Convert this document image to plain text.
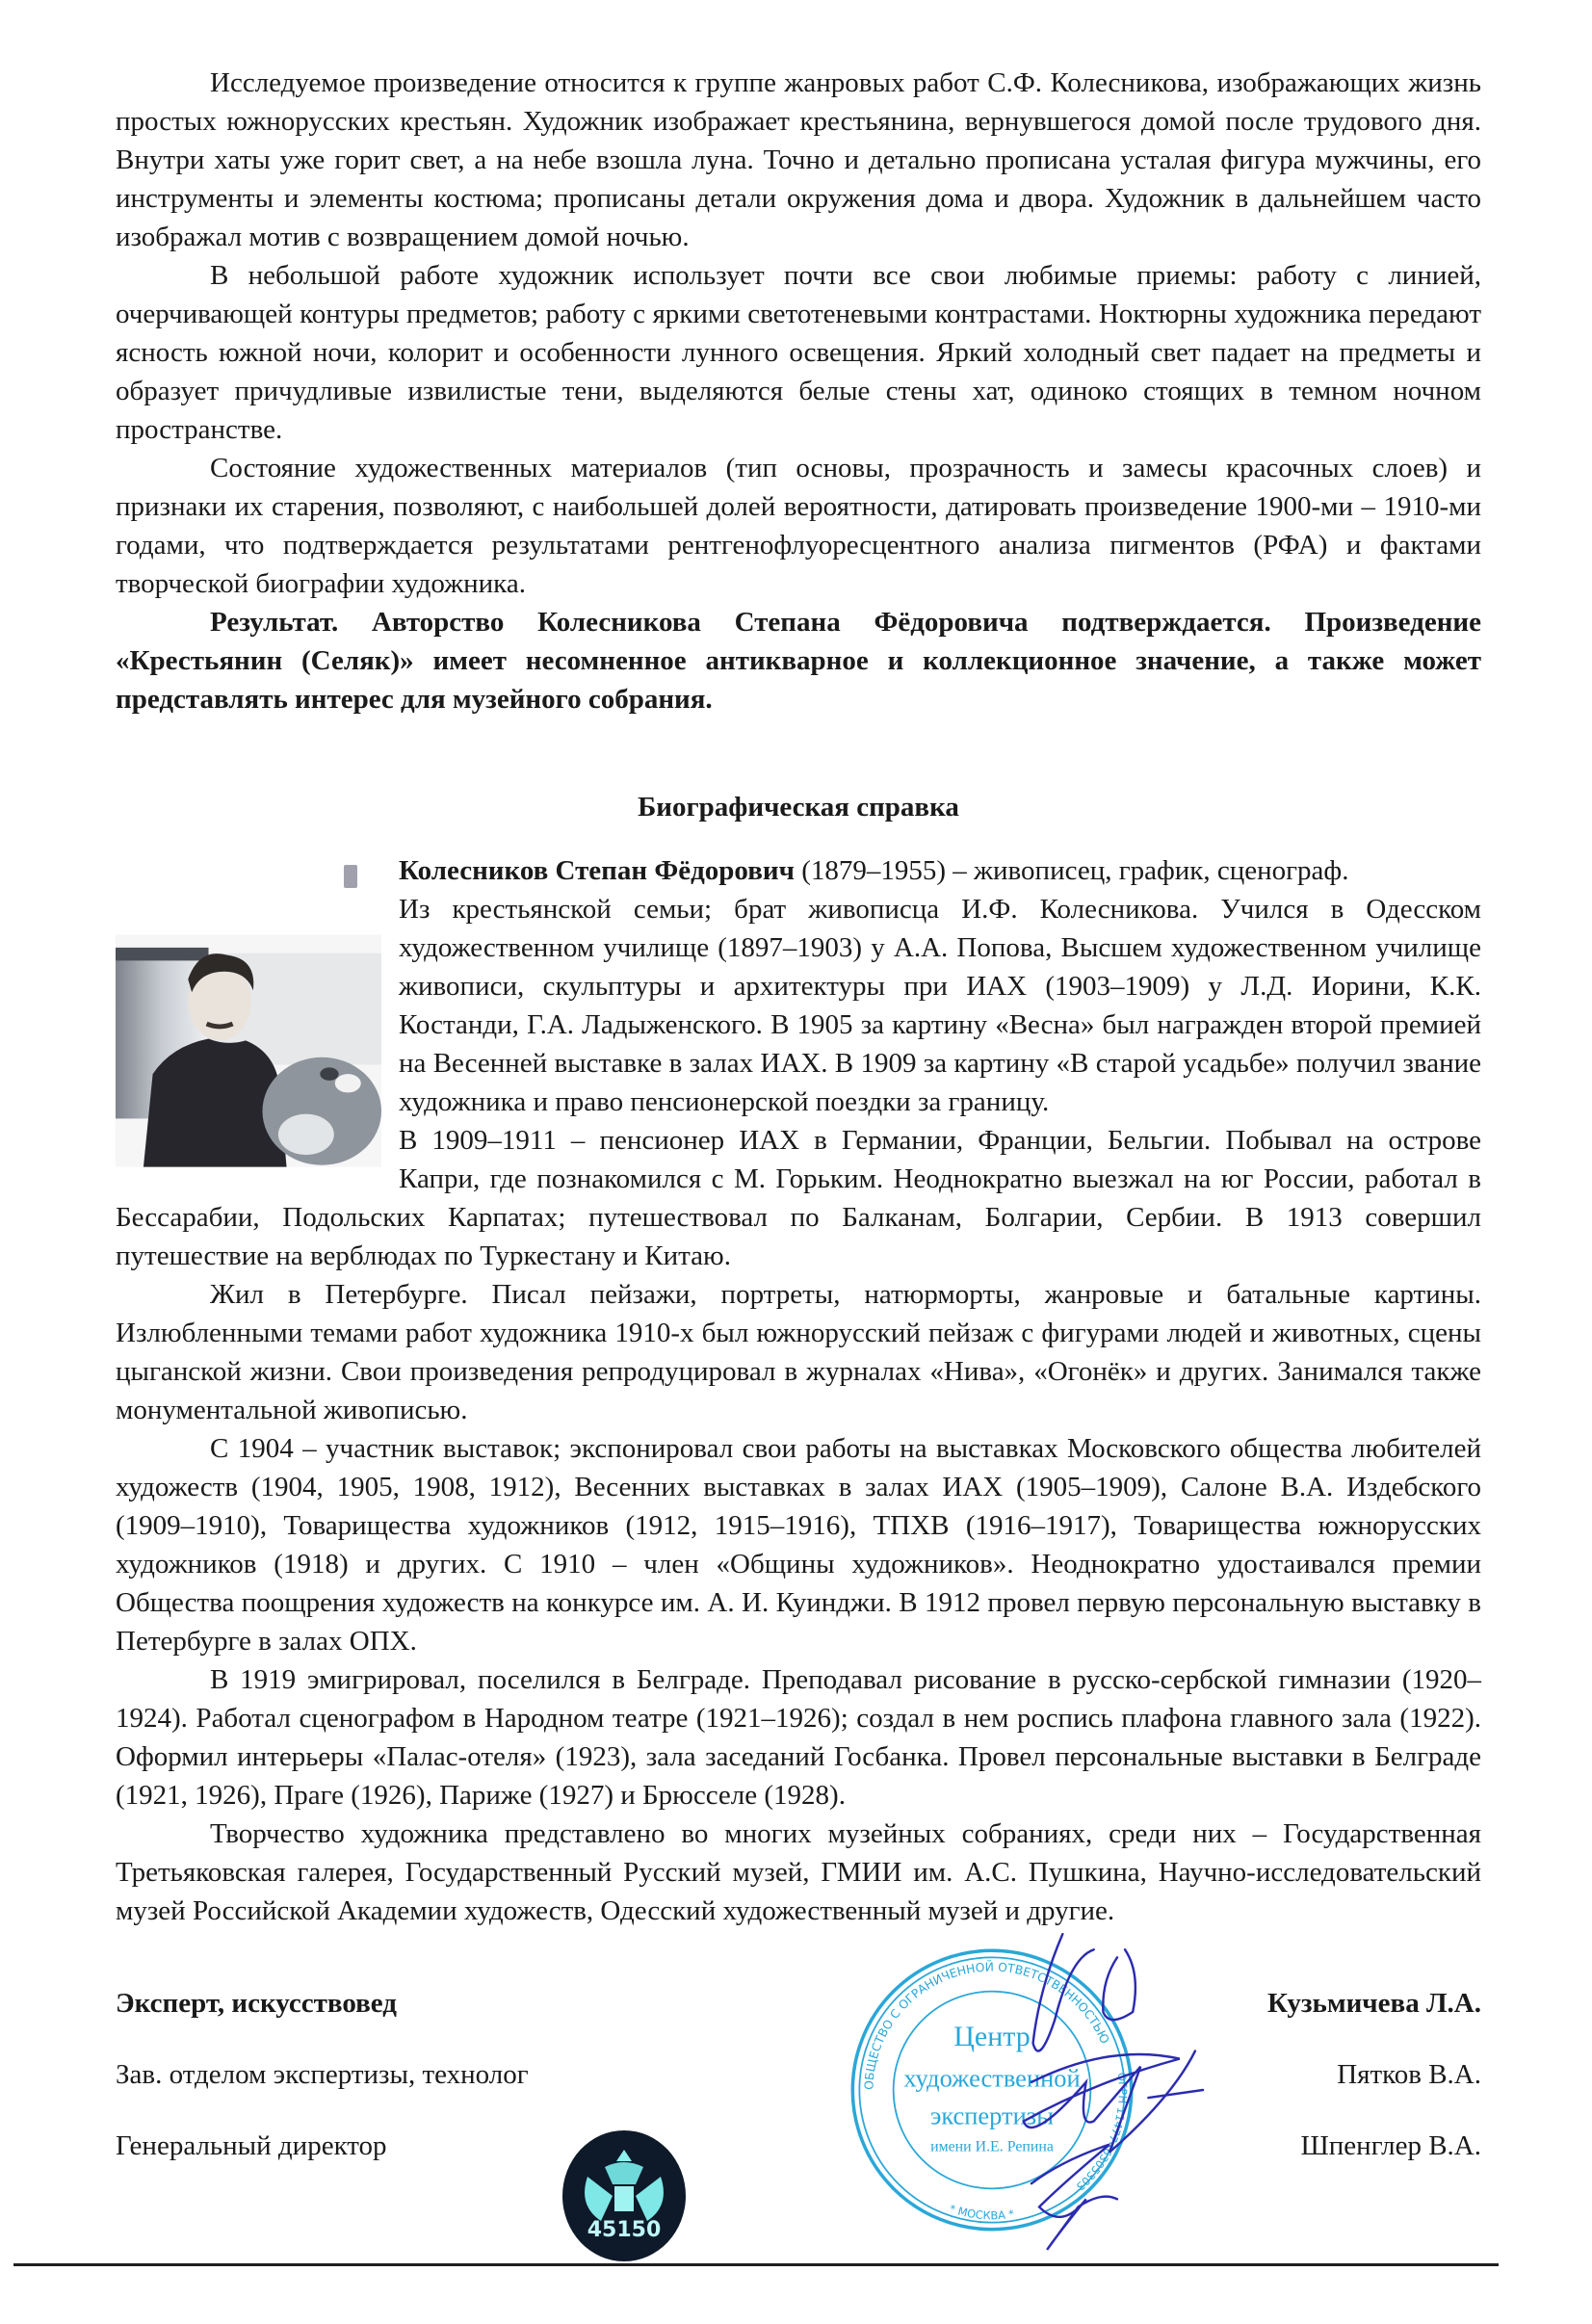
Исследуемое произведение относится к группе жанровых работ С.Ф. Колесникова, изображающих жизнь простых южнорусских крестьян. Художник изображает крестьянина, вернувшегося домой после трудового дня. Внутри хаты уже горит свет, а на небе взошла луна. Точно и детально прописана усталая фигура мужчины, его инструменты и элементы костюма; прописаны детали окружения дома и двора. Художник в дальнейшем часто изображал мотив с возвращением домой ночью.

В небольшой работе художник использует почти все свои любимые приемы: работу с линией, очерчивающей контуры предметов; работу с яркими светотеневыми контрастами. Ноктюрны художника передают ясность южной ночи, колорит и особенности лунного освещения. Яркий холодный свет падает на предметы и образует причудливые извилистые тени, выделяются белые стены хат, одиноко стоящих в темном ночном пространстве.

Состояние художественных материалов (тип основы, прозрачность и замесы красочных слоев) и признаки их старения, позволяют, с наибольшей долей вероятности, датировать произведение 1900-ми – 1910-ми годами, что подтверждается результатами рентгенофлуоресцентного анализа пигментов (РФА) и фактами творческой биографии художника.

Результат. Авторство Колесникова Степана Фёдоровича подтверждается. Произведение «Крестьянин (Селяк)» имеет несомненное антикварное и коллекционное значение, а также может представлять интерес для музейного собрания.

Биографическая справка

Колесников Степан Фёдорович (1879–1955) – живописец, график, сценограф.

Из крестьянской семьи; брат живописца И.Ф. Колесникова. Учился в Одесском художественном училище (1897–1903) у А.А. Попова, Высшем художественном училище живописи, скульптуры и архитектуры при ИАХ (1903–1909) у Л.Д. Иорини, К.К. Костанди, Г.А. Ладыженского. В 1905 за картину «Весна» был награжден второй премией на Весенней выставке в залах ИАХ. В 1909 за картину «В старой усадьбе» получил звание художника и право пенсионерской поездки за границу.

В 1909–1911 – пенсионер ИАХ в Германии, Франции, Бельгии. Побывал на острове Капри, где познакомился с М. Горьким. Неоднократно выезжал на юг России, работал в Бессарабии, Подольских Карпатах; путешествовал по Балканам, Болгарии, Сербии. В 1913 совершил путешествие на верблюдах по Туркестану и Китаю.

Жил в Петербурге. Писал пейзажи, портреты, натюрморты, жанровые и батальные картины. Излюбленными темами работ художника 1910-х был южнорусский пейзаж с фигурами людей и животных, сцены цыганской жизни. Свои произведения репродуцировал в журналах «Нива», «Огонёк» и других. Занимался также монументальной живописью.

С 1904 – участник выставок; экспонировал свои работы на выставках Московского общества любителей художеств (1904, 1905, 1908, 1912), Весенних выставках в залах ИАХ (1905–1909), Салоне В.А. Издебского (1909–1910), Товарищества художников (1912, 1915–1916), ТПХВ (1916–1917), Товарищества южнорусских художников (1918) и других. С 1910 – член «Общины художников». Неоднократно удостаивался премии Общества поощрения художеств на конкурсе им. А. И. Куинджи. В 1912 провел первую персональную выставку в Петербурге в залах ОПХ.

В 1919 эмигрировал, поселился в Белграде. Преподавал рисование в русско-сербской гимназии (1920–1924). Работал сценографом в Народном театре (1921–1926); создал в нем роспись плафона главного зала (1922). Оформил интерьеры «Палас-отеля» (1923), зала заседаний Госбанка. Провел персональные выставки в Белграде (1921, 1926), Праге (1926), Париже (1927) и Брюсселе (1928).

Творчество художника представлено во многих музейных собраниях, среди них – Государственная Третьяковская галерея, Государственный Русский музей, ГМИИ им. А.С. Пушкина, Научно-исследовательский музей Российской Академии художеств, Одесский художественный музей и другие.

Эксперт, искусствовед	Кузьмичева Л.А.
Зав. отделом экспертизы, технолог	Пятков В.А.
Генеральный директор	Шпенглер В.А.
45150
ОБЩЕСТВО С ОГРАНИЧЕННОЙ ОТВЕТСТВЕННОСТЬЮ
ОГРН 1147746305303
* МОСКВА *
Центр
художественной
экспертизы
имени И.Е. Репина
